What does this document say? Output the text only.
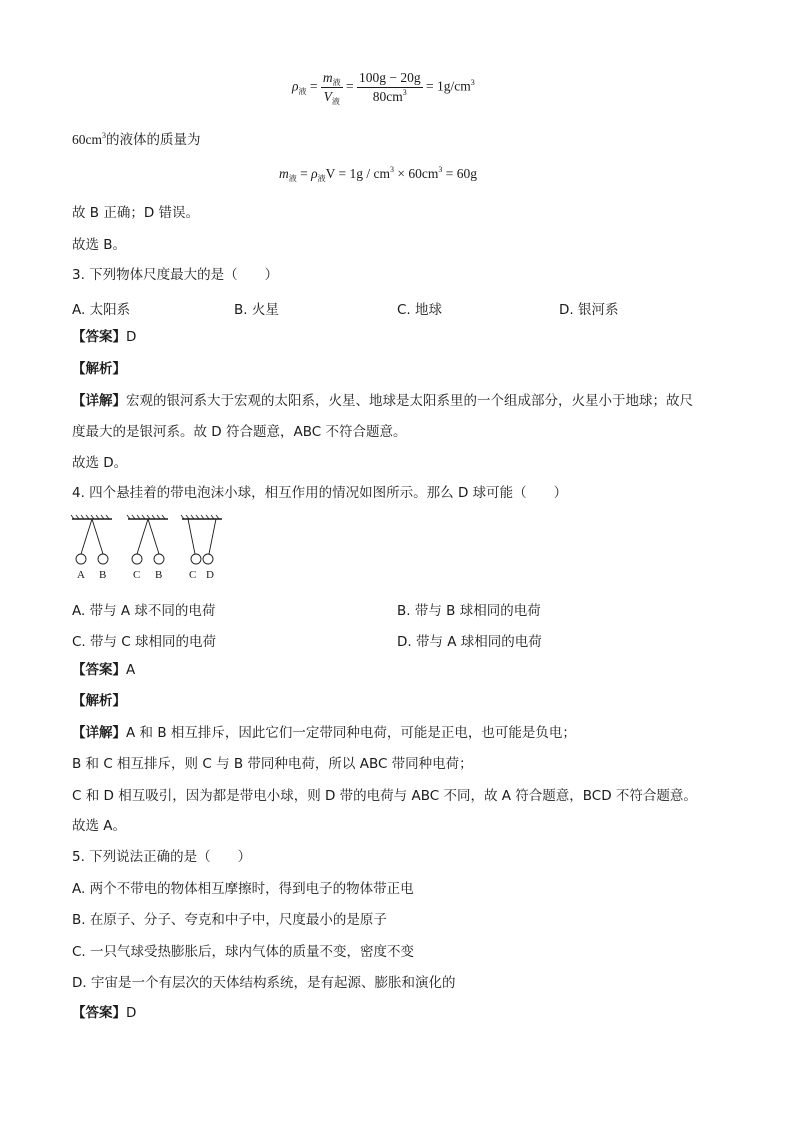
$\rho_液 = \frac{m_液}{V_液} = \frac{100g - 20g}{80cm^3} = 1g/cm^3$
$60cm^3$的液体的质量为
$m_液 = \rho_液V = 1g / cm^3 \times 60cm^3 = 60g$
故 B 正确；D 错误。
故选 B。
3. 下列物体尺度最大的是（　　）
A. 太阳系	B. 火星	C. 地球	D. 银河系
【答案】D
【解析】
【详解】宏观的银河系大于宏观的太阳系，火星、地球是太阳系里的一个组成部分，火星小于地球；故尺
度最大的是银河系。故 D 符合题意，ABC 不符合题意。
故选 D。
4. 四个悬挂着的带电泡沫小球，相互作用的情况如图所示。那么 D 球可能（　　）
A B C B C D
A. 带与 A 球不同的电荷	B. 带与 B 球相同的电荷
C. 带与 C 球相同的电荷	D. 带与 A 球相同的电荷
【答案】A
【解析】
【详解】A 和 B 相互排斥，因此它们一定带同种电荷，可能是正电，也可能是负电；
B 和 C 相互排斥，则 C 与 B 带同种电荷，所以 ABC 带同种电荷；
C 和 D 相互吸引，因为都是带电小球，则 D 带的电荷与 ABC 不同，故 A 符合题意，BCD 不符合题意。
故选 A。
5. 下列说法正确的是（　　）
A. 两个不带电的物体相互摩擦时，得到电子的物体带正电
B. 在原子、分子、夸克和中子中，尺度最小的是原子
C. 一只气球受热膨胀后，球内气体的质量不变，密度不变
D. 宇宙是一个有层次的天体结构系统，是有起源、膨胀和演化的
【答案】D
